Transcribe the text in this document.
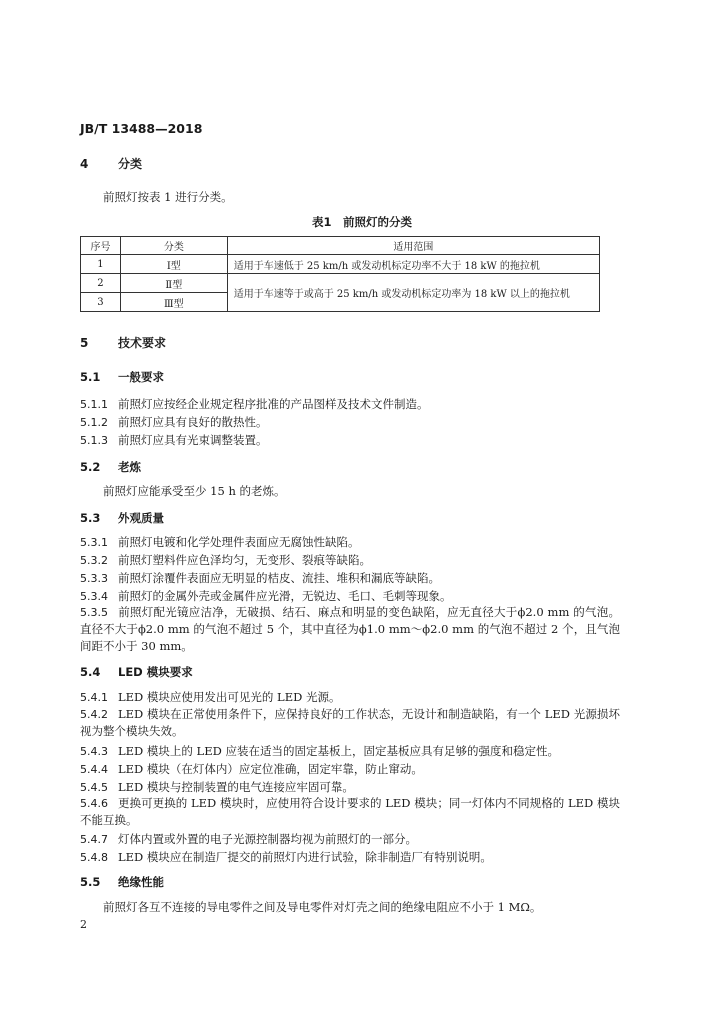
JB/T 13488—2018
4 分类
前照灯按表 1 进行分类。
表1　前照灯的分类
序号	分类	适用范围
1	Ⅰ型	适用于车速低于 25 km/h 或发动机标定功率不大于 18 kW 的拖拉机
2	Ⅱ型	适用于车速等于或高于 25 km/h 或发动机标定功率为 18 kW 以上的拖拉机
3	Ⅲ型	
5 技术要求
5.1 一般要求
5.1.1 前照灯应按经企业规定程序批准的产品图样及技术文件制造。
5.1.2 前照灯应具有良好的散热性。
5.1.3 前照灯应具有光束调整装置。
5.2 老炼
前照灯应能承受至少 15 h 的老炼。
5.3 外观质量
5.3.1 前照灯电镀和化学处理件表面应无腐蚀性缺陷。
5.3.2 前照灯塑料件应色泽均匀，无变形、裂痕等缺陷。
5.3.3 前照灯涂覆件表面应无明显的桔皮、流挂、堆积和漏底等缺陷。
5.3.4 前照灯的金属外壳或金属件应光滑，无锐边、毛口、毛刺等现象。
5.3.5 前照灯配光镜应洁净，无破损、结石、麻点和明显的变色缺陷，应无直径大于ϕ2.0 mm 的气泡。直径不大于ϕ2.0 mm 的气泡不超过 5 个，其中直径为ϕ1.0 mm～ϕ2.0 mm 的气泡不超过 2 个，且气泡间距不小于 30 mm。
5.4 LED 模块要求
5.4.1 LED 模块应使用发出可见光的 LED 光源。
5.4.2 LED 模块在正常使用条件下，应保持良好的工作状态，无设计和制造缺陷，有一个 LED 光源损坏视为整个模块失效。
5.4.3 LED 模块上的 LED 应装在适当的固定基板上，固定基板应具有足够的强度和稳定性。
5.4.4 LED 模块（在灯体内）应定位准确，固定牢靠，防止窜动。
5.4.5 LED 模块与控制装置的电气连接应牢固可靠。
5.4.6 更换可更换的 LED 模块时，应使用符合设计要求的 LED 模块；同一灯体内不同规格的 LED 模块不能互换。
5.4.7 灯体内置或外置的电子光源控制器均视为前照灯的一部分。
5.4.8 LED 模块应在制造厂提交的前照灯内进行试验，除非制造厂有特别说明。
5.5 绝缘性能
前照灯各互不连接的导电零件之间及导电零件对灯壳之间的绝缘电阻应不小于 1 MΩ。
2
